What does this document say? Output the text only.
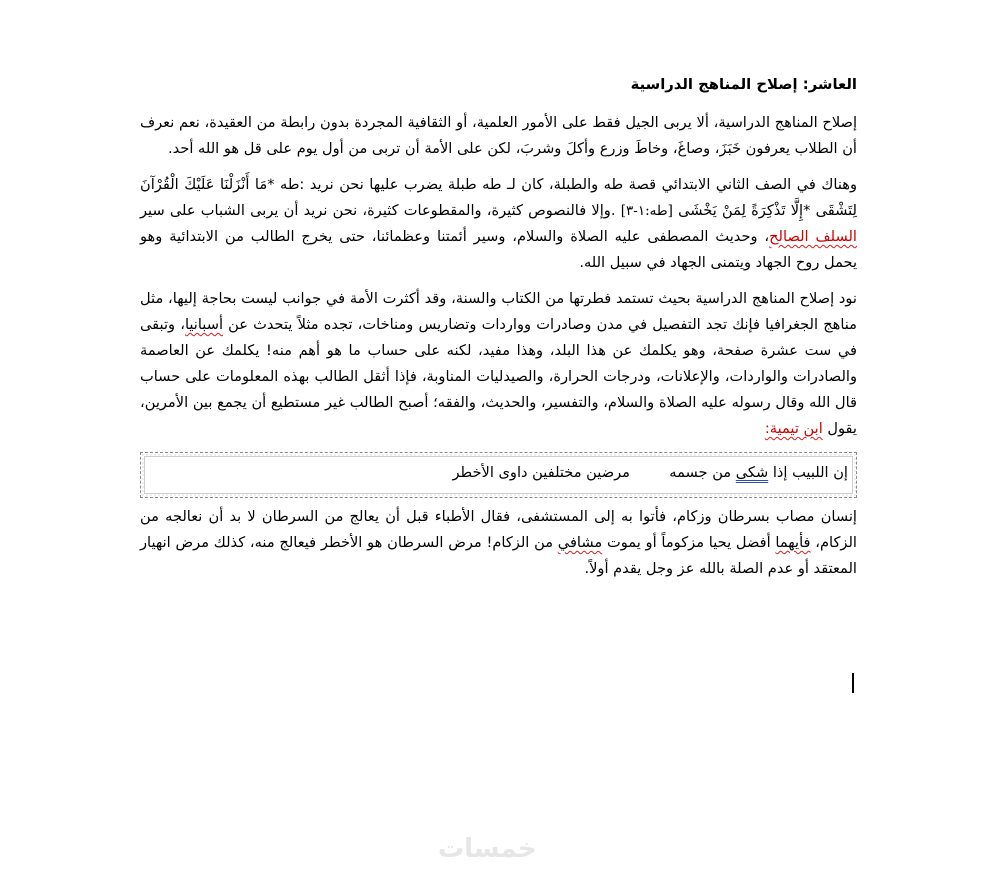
العاشر: إصلاح المناهج الدراسية

إصلاح المناهج الدراسية، ألا يربى الجيل فقط على الأمور العلمية، أو الثقافية المجردة بدون رابطة من العقيدة، نعم نعرف أن الطلاب يعرفون خَبَزَ، وصاغَ، وخاطَ وزرع وأكلَ وشربَ، لكن على الأمة أن تربى من أول يوم على قل هو الله أحد.

وهناك في الصف الثاني الابتدائي قصة طه والطبلة، كان لـ طه طبلة يضرب عليها نحن نريد :طه *مَا أَنْزَلْنَا عَلَيْكَ الْقُرْآنَ لِتَشْقَى *إِلَّا تَذْكِرَةً لِمَنْ يَخْشَى [طه:١-٣] .وإلا فالنصوص كثيرة، والمقطوعات كثيرة، نحن نريد أن يربى الشباب على سير السلف الصالح، وحديث المصطفى عليه الصلاة والسلام، وسير أئمتنا وعظمائنا، حتى يخرج الطالب من الابتدائية وهو يحمل روح الجهاد ويتمنى الجهاد في سبيل الله.

نود إصلاح المناهج الدراسية بحيث تستمد فطرتها من الكتاب والسنة، وقد أكثرت الأمة في جوانب ليست بحاجة إليها، مثل مناهج الجغرافيا فإنك تجد التفصيل في مدن وصادرات وواردات وتضاريس ومناخات، تجده مثلاً يتحدث عن أسبانيا، وتبقى في ست عشرة صفحة، وهو يكلمك عن هذا البلد، وهذا مفيد، لكنه على حساب ما هو أهم منه! يكلمك عن العاصمة والصادرات والواردات، والإعلانات، ودرجات الحرارة، والصيدليات المناوبة، فإذا أثقل الطالب بهذه المعلومات على حساب قال الله وقال رسوله عليه الصلاة والسلام، والتفسير، والحديث، والفقه؛ أصبح الطالب غير مستطيع أن يجمع بين الأمرين، يقول ابن تيمية:

إن اللبيب إذا شكى من جسمه  مرضين مختلفين داوى الأخطر

إنسان مصاب بسرطان وزكام، فأتوا به إلى المستشفى، فقال الأطباء قبل أن يعالج من السرطان لا بد أن نعالجه من الزكام، فأيهما أفضل يحيا مزكوماً أو يموت مشافي من الزكام! مرض السرطان هو الأخطر فيعالج منه، كذلك مرض انهيار المعتقد أو عدم الصلة بالله عز وجل يقدم أولاً.

خمسات
